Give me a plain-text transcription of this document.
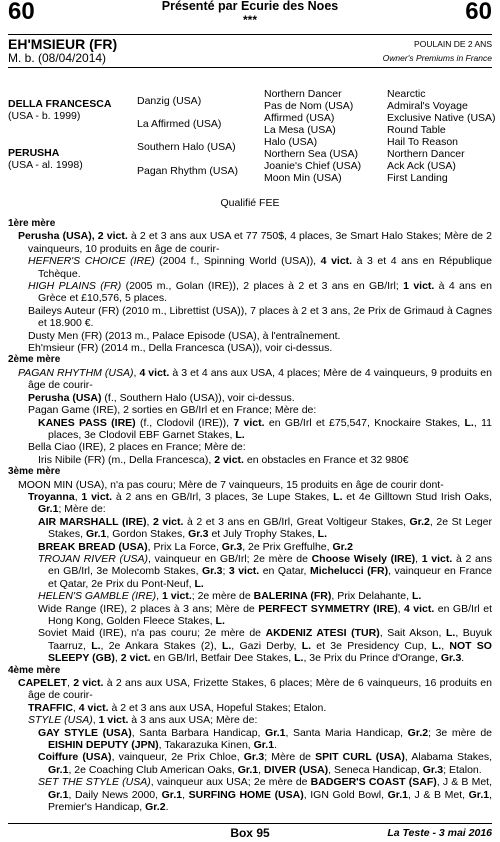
60	Présenté par Ecurie des Noes
***	60
EH'MSIEUR (FR)
M. b. (08/04/2014)
POULAIN DE 2 ANS
Owner's Premiums in France
DELLA FRANCESCA
(USA - b. 1999)
PERUSHA
(USA - al. 1998)
Danzig (USA)
La Affirmed (USA)
Southern Halo (USA)
Pagan Rhythm (USA)
Northern Dancer
Pas de Nom (USA)
Affirmed (USA)
La Mesa (USA)
Halo (USA)
Northern Sea (USA)
Joanie's Chief (USA)
Moon Min (USA)
Nearctic
Admiral's Voyage
Exclusive Native (USA)
Round Table
Hail To Reason
Northern Dancer
Ack Ack (USA)
First Landing
Qualifié FEE
1ère mère

Perusha (USA), 2 vict. à 2 et 3 ans aux USA et 77 750$, 4 places, 3e Smart Halo Stakes; Mère de 2 vainqueurs, 10 produits en âge de courir-

HEFNER'S CHOICE (IRE) (2004 f., Spinning World (USA)), 4 vict. à 3 et 4 ans en République Tchèque.

HIGH PLAINS (FR) (2005 m., Golan (IRE)), 2 places à 2 et 3 ans en GB/Irl; 1 vict. à 4 ans en Grèce et £10,576, 5 places.

Baileys Auteur (FR) (2010 m., Librettist (USA)), 7 places à 2 et 3 ans, 2e Prix de Grimaud à Cagnes et 18.900 €.

Dusty Men (FR) (2013 m., Palace Episode (USA), à l'entraînement.

Eh'msieur (FR) (2014 m., Della Francesca (USA)), voir ci-dessus.

2ème mère

PAGAN RHYTHM (USA), 4 vict. à 3 et 4 ans aux USA, 4 places; Mère de 4 vainqueurs, 9 produits en âge de courir-

Perusha (USA) (f., Southern Halo (USA)), voir ci-dessus.

Pagan Game (IRE), 2 sorties en GB/Irl et en France; Mère de:

KANES PASS (IRE) (f., Clodovil (IRE)), 7 vict. en GB/Irl et £75,547, Knockaire Stakes, L., 11 places, 3e Clodovil EBF Garnet Stakes, L.

Bella Ciao (IRE), 2 places en France; Mère de:

Iris Nibile (FR) (m., Della Francesca), 2 vict. en obstacles en France et 32 980€

3ème mère

MOON MIN (USA), n'a pas couru; Mère de 7 vainqueurs, 15 produits en âge de courir dont-

Troyanna, 1 vict. à 2 ans en GB/Irl, 3 places, 3e Lupe Stakes, L. et 4e Gilltown Stud Irish Oaks, Gr.1; Mère de:

AIR MARSHALL (IRE), 2 vict. à 2 et 3 ans en GB/Irl, Great Voltigeur Stakes, Gr.2, 2e St Leger Stakes, Gr.1, Gordon Stakes, Gr.3 et July Trophy Stakes, L.

BREAK BREAD (USA), Prix La Force, Gr.3, 2e Prix Greffulhe, Gr.2

TROJAN RIVER (USA), vainqueur en GB/Irl; 2e mère de Choose Wisely (IRE), 1 vict. à 2 ans en GB/Irl, 3e Molecomb Stakes, Gr.3; 3 vict. en Qatar, Michelucci (FR), vainqueur en France et Qatar, 2e Prix du Pont-Neuf, L.

HELEN'S GAMBLE (IRE), 1 vict.; 2e mère de BALERINA (FR), Prix Delahante, L.

Wide Range (IRE), 2 places à 3 ans; Mère de PERFECT SYMMETRY (IRE), 4 vict. en GB/Irl et Hong Kong, Golden Fleece Stakes, L.

Soviet Maid (IRE), n'a pas couru; 2e mère de AKDENIZ ATESI (TUR), Sait Akson, L., Buyuk Taarruz, L., 2e Ankara Stakes (2), L., Gazi Derby, L. et 3e Presidency Cup, L., NOT SO SLEEPY (GB), 2 vict. en GB/Irl, Betfair Dee Stakes, L., 3e Prix du Prince d'Orange, Gr.3.

4ème mère

CAPELET, 2 vict. à 2 ans aux USA, Frizette Stakes, 6 places; Mère de 6 vainqueurs, 16 produits en âge de courir-

TRAFFIC, 4 vict. à 2 et 3 ans aux USA, Hopeful Stakes; Etalon.

STYLE (USA), 1 vict. à 3 ans aux USA; Mère de:

GAY STYLE (USA), Santa Barbara Handicap, Gr.1, Santa Maria Handicap, Gr.2; 3e mère de EISHIN DEPUTY (JPN), Takarazuka Kinen, Gr.1.

Coiffure (USA), vainqueur, 2e Prix Chloe, Gr.3; Mère de SPIT CURL (USA), Alabama Stakes, Gr.1, 2e Coaching Club American Oaks, Gr.1, DIVER (USA), Seneca Handicap, Gr.3; Etalon.

SET THE STYLE (USA), vainqueur aux USA; 2e mère de BADGER'S COAST (SAF), J & B Met, Gr.1, Daily News 2000, Gr.1, SURFING HOME (USA), IGN Gold Bowl, Gr.1, J & B Met, Gr.1, Premier's Handicap, Gr.2.

Box 95	La Teste - 3 mai 2016
